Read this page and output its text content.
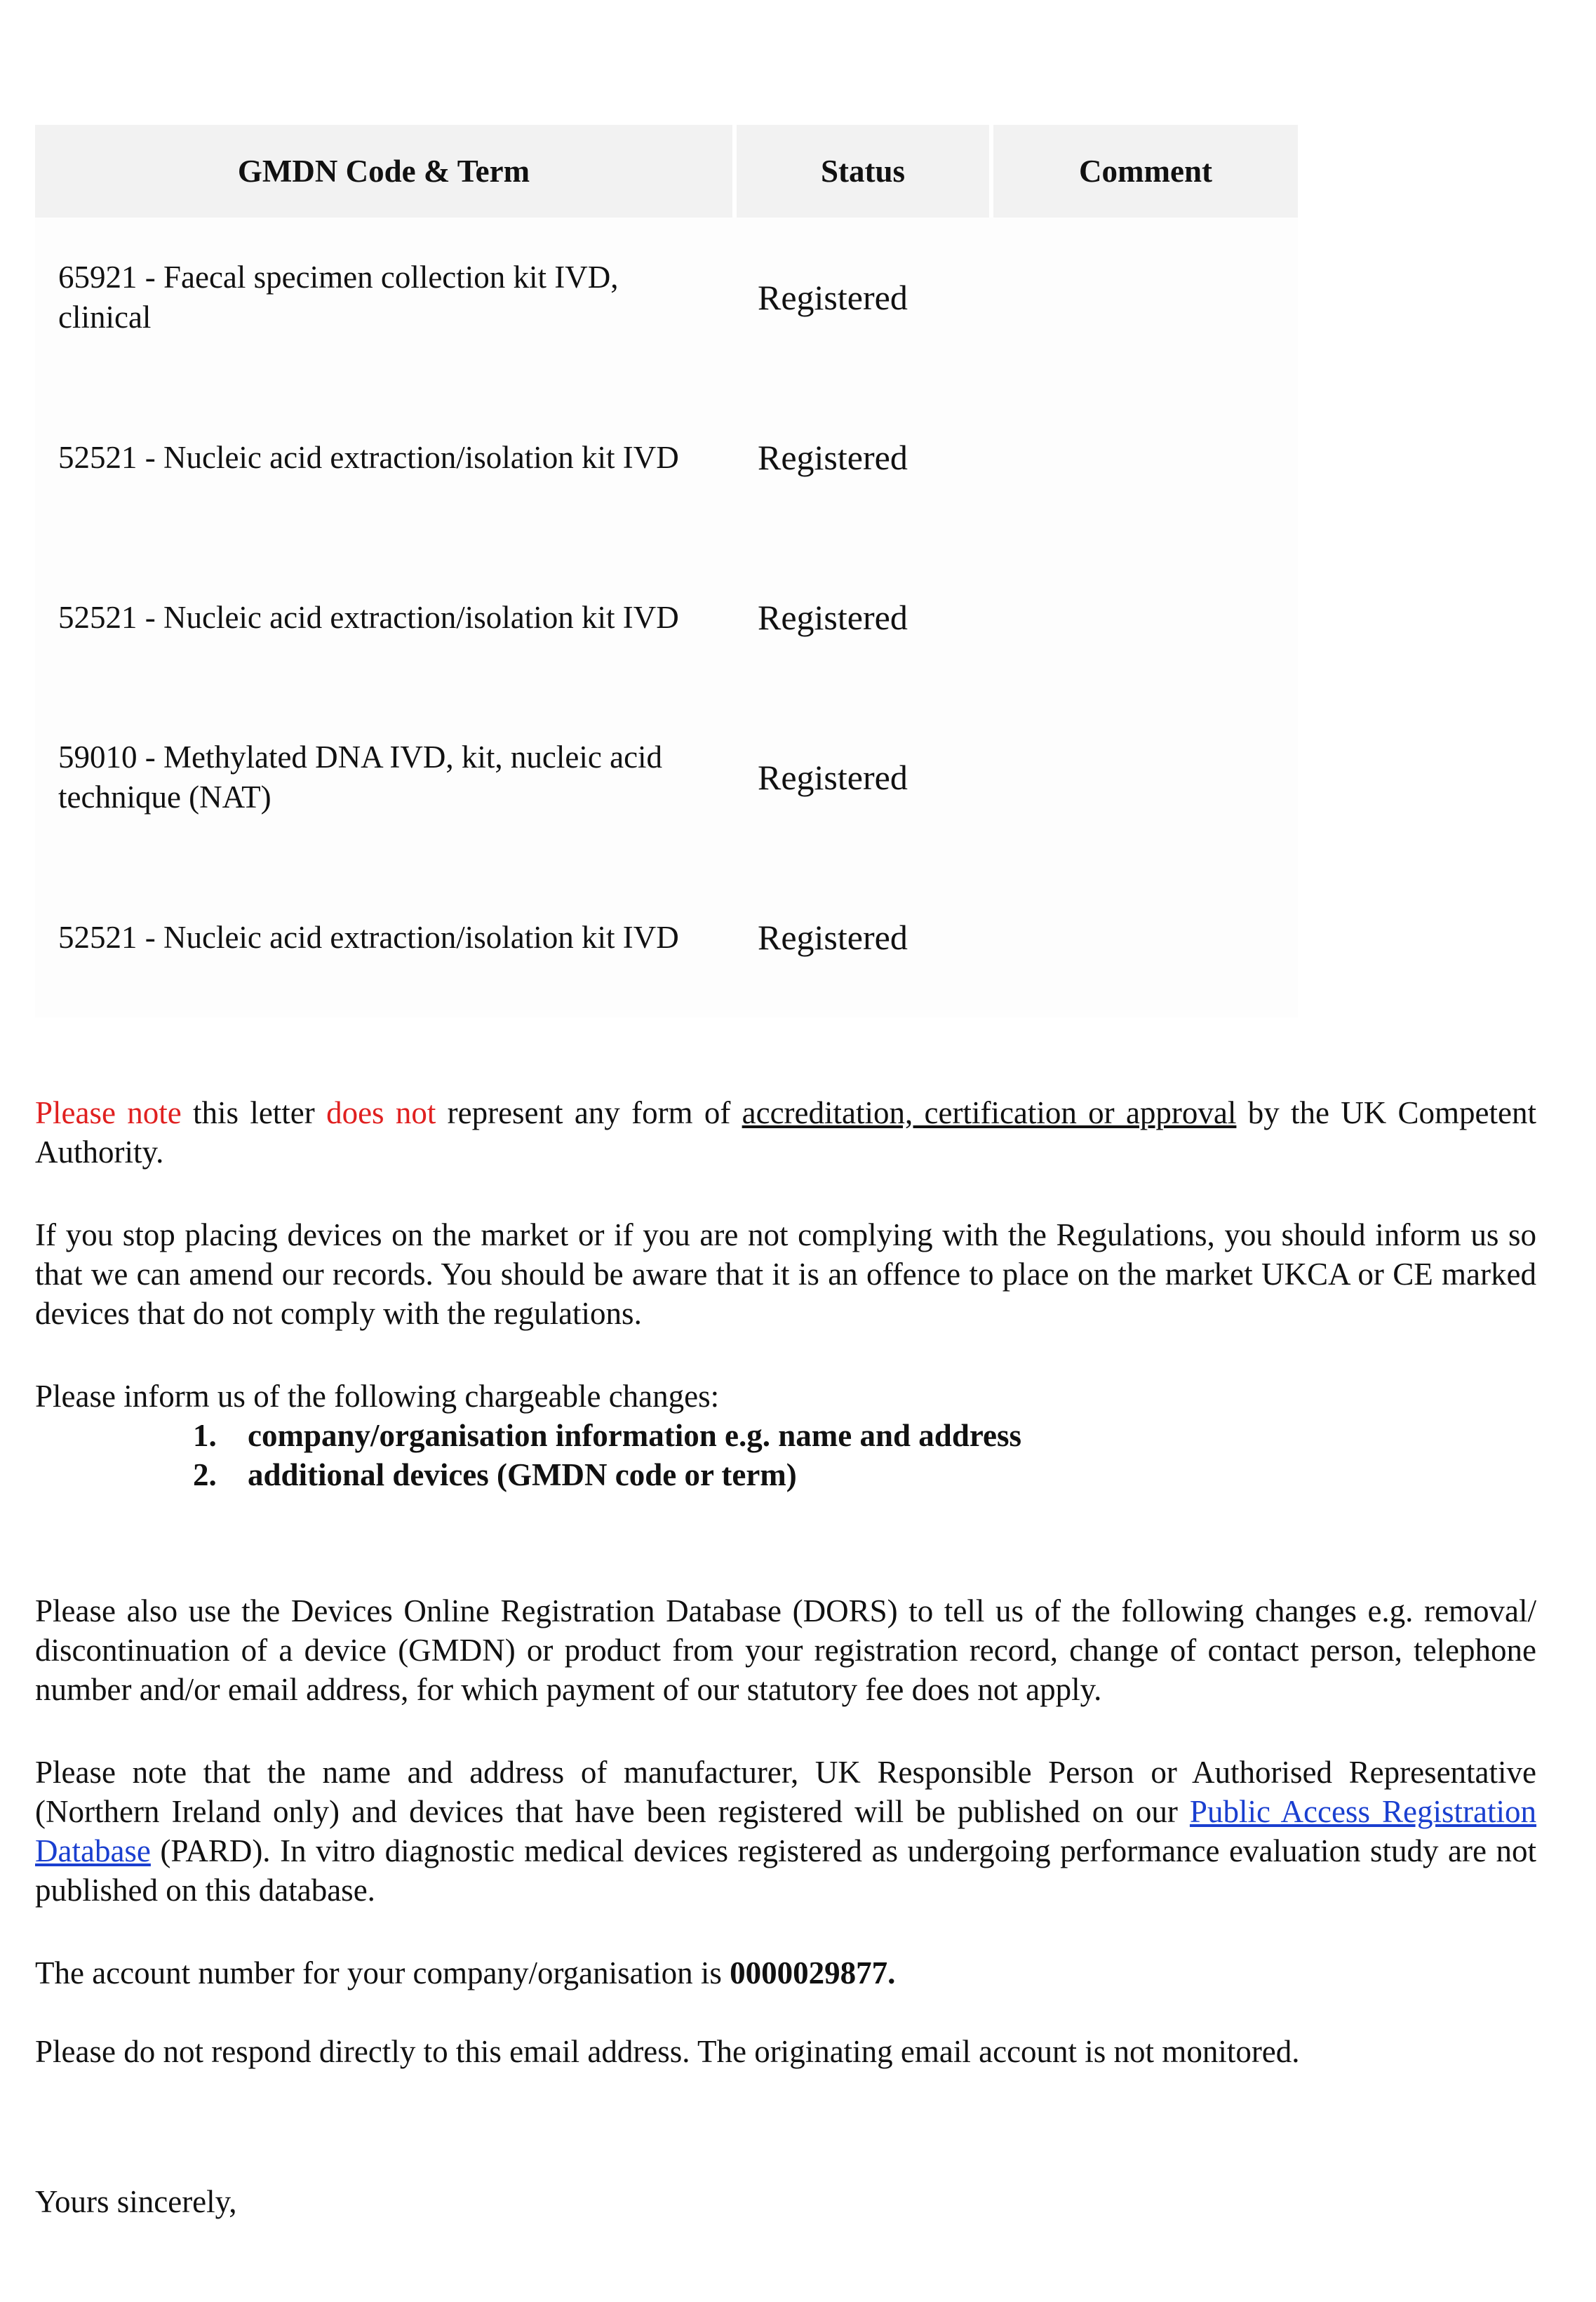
GMDN Code & Term	Status	Comment
65921 - Faecal specimen collection kit IVD, clinical	Registered	
52521 - Nucleic acid extraction/isolation kit IVD	Registered	
52521 - Nucleic acid extraction/isolation kit IVD	Registered	
59010 - Methylated DNA IVD, kit, nucleic acid technique (NAT)	Registered	
52521 - Nucleic acid extraction/isolation kit IVD	Registered	

Please note this letter does not represent any form of accreditation, certification or approval by the UK Competent Authority.

If you stop placing devices on the market or if you are not complying with the Regulations, you should inform us so that we can amend our records. You should be aware that it is an offence to place on the market UKCA or CE marked devices that do not comply with the regulations.

Please inform us of the following chargeable changes:

1. company/organisation information e.g. name and address
2. additional devices (GMDN code or term)

Please also use the Devices Online Registration Database (DORS) to tell us of the following changes e.g. removal/ discontinuation of a device (GMDN) or product from your registration record, change of contact person, telephone number and/or email address, for which payment of our statutory fee does not apply.

Please note that the name and address of manufacturer, UK Responsible Person or Authorised Representative (Northern Ireland only) and devices that have been registered will be published on our Public Access Registration Database (PARD). In vitro diagnostic medical devices registered as undergoing performance evaluation study are not published on this database.

The account number for your company/organisation is 0000029877.

Please do not respond directly to this email address. The originating email account is not monitored.

Yours sincerely,
